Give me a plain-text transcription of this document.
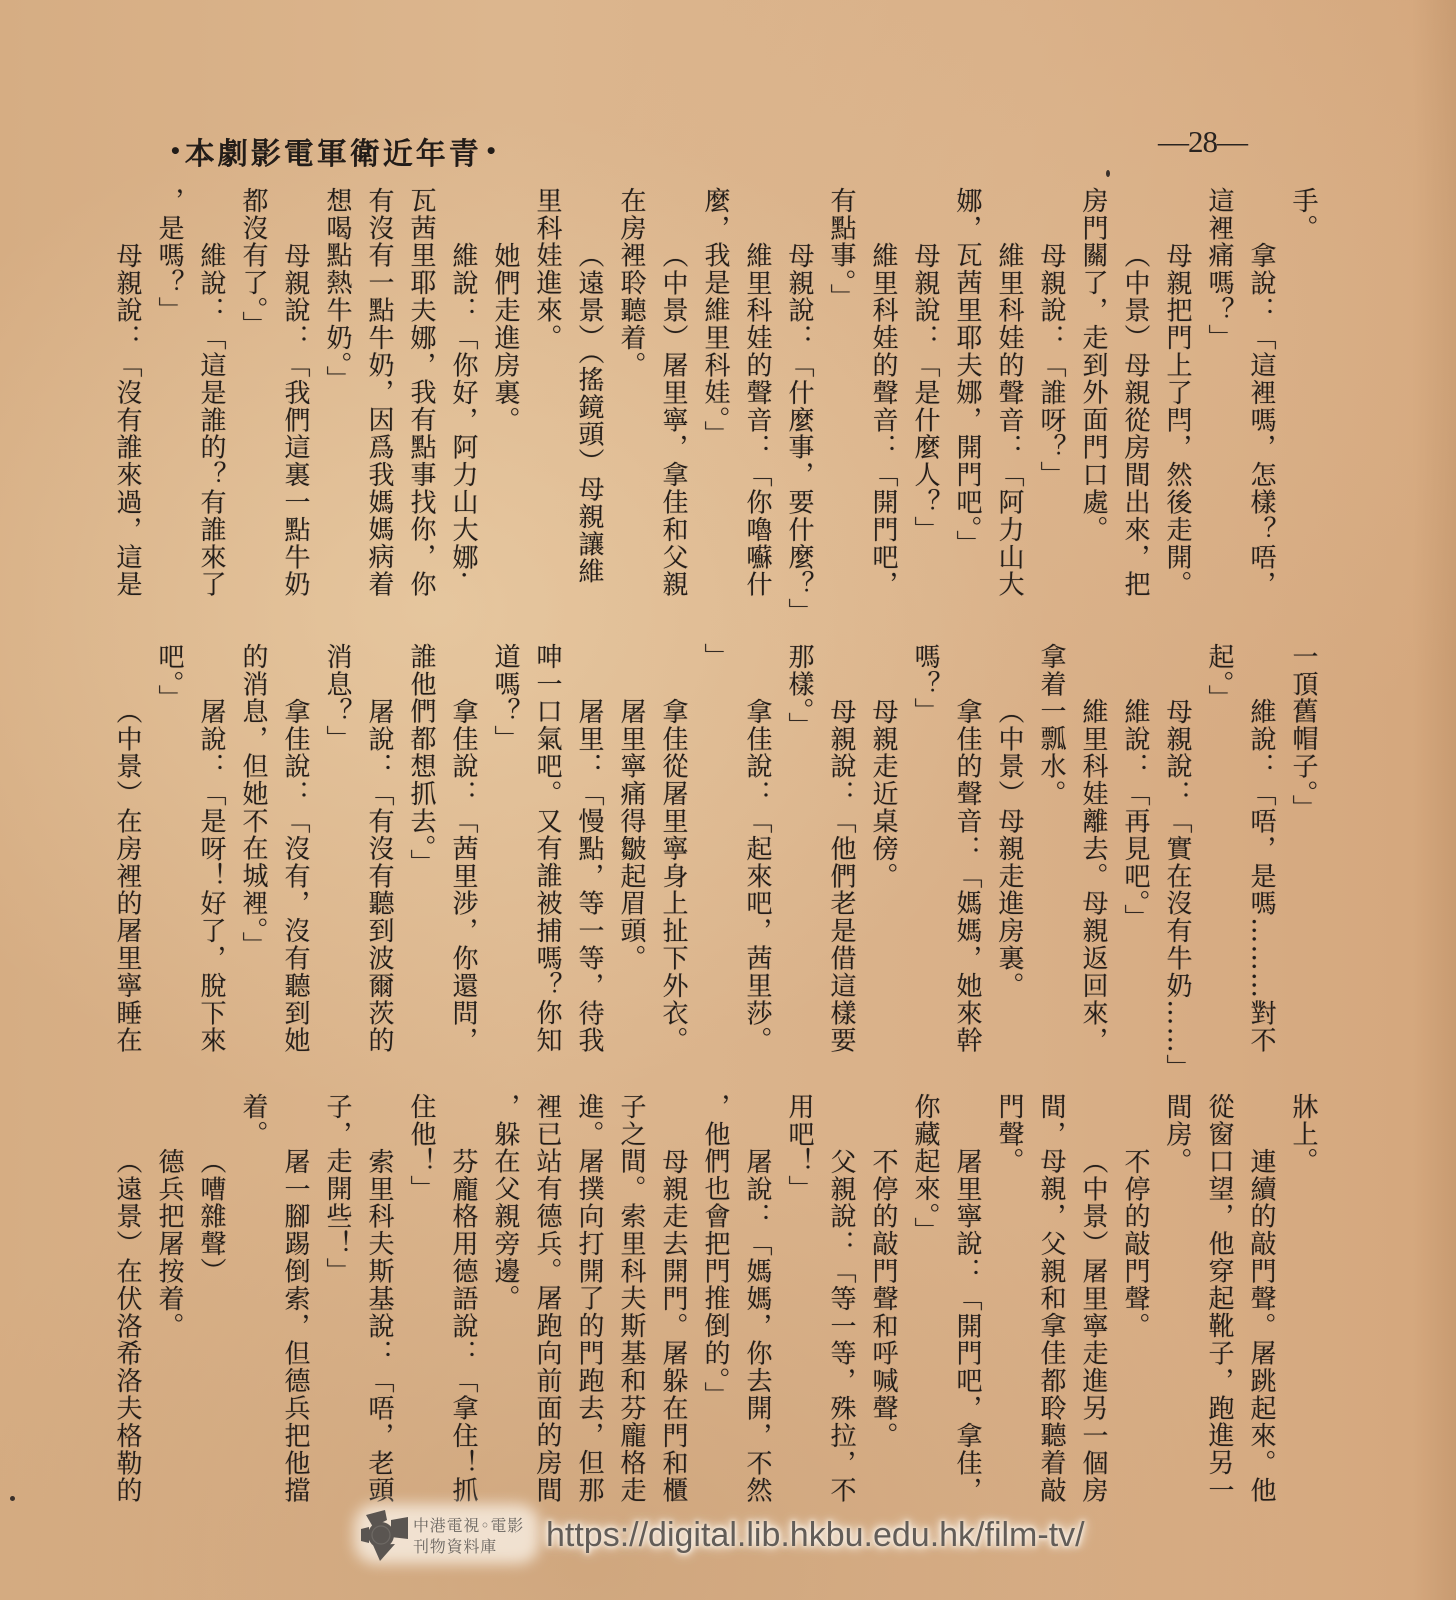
• 青年近衛軍電影劇本 •	—28—
手。
拿說：「這裡嗎，怎樣？唔，
這裡痛嗎？」
母親把門上了閂，然後走開。
（中景）母親從房間出來，把
房門關了，走到外面門口處。
母親說：「誰呀？」
維里科娃的聲音：「阿力山大
娜，瓦茜里耶夫娜，開門吧。」
母親說：「是什麼人？」
維里科娃的聲音：「開門吧，
有點事。」
母親說：「什麼事，要什麼？」
維里科娃的聲音：「你嚕囌什
麼，我是維里科娃。」
（中景）屠里寧，拿佳和父親
在房裡聆聽着。
（遠景）（搖鏡頭）母親讓維
里科娃進來。
她們走進房裏。
維說：「你好，阿力山大娜·
瓦茜里耶夫娜，我有點事找你，你
有沒有一點牛奶，因爲我媽媽病着
想喝點熱牛奶。」
母親說：「我們這裏一點牛奶
都沒有了。」
維說：「這是誰的？有誰來了
，是嗎？」
母親說：「沒有誰來過，這是
一頂舊帽子。」
維說：「唔，是嗎………對不
起。」
母親說：「實在沒有牛奶……」
維說：「再見吧。」
維里科娃離去。母親返回來，
拿着一瓢水。
（中景）母親走進房裏。
拿佳的聲音：「媽媽，她來幹
嗎？」
母親走近桌傍。
母親說：「他們老是借這樣要
那樣。」
拿佳說：「起來吧，茜里莎。
」
拿佳從屠里寧身上扯下外衣。
屠里寧痛得皺起眉頭。
屠里：「慢點，等一等，待我
呻一口氣吧。又有誰被捕嗎？你知
道嗎？」
拿佳說：「茜里涉，你還問，
誰他們都想抓去。」
屠說：「有沒有聽到波爾茨的
消息？」
拿佳說：「沒有，沒有聽到她
的消息，但她不在城裡。」
屠說：「是呀！好了，脫下來
吧。」
（中景）在房裡的屠里寧睡在
牀上。
連續的敲門聲。屠跳起來。他
從窗口望，他穿起靴子，跑進另一
間房。
不停的敲門聲。
（中景）屠里寧走進另一個房
間，母親，父親和拿佳都聆聽着敲
門聲。
屠里寧說：「開門吧，拿佳，
你藏起來。」
不停的敲門聲和呼喊聲。
父親說：「等一等，殊拉，不
用吧！」
屠說：「媽媽，你去開，不然
，他們也會把門推倒的。」
母親走去開門。屠躲在門和櫃
子之間。索里科夫斯基和芬龐格走
進。屠撲向打開了的門跑去，但那
裡已站有德兵。屠跑向前面的房間
，躲在父親旁邊。
芬龐格用德語說：「拿住！抓
住他！」
索里科夫斯基說：「唔，老頭
子，走開些！」
屠一腳踢倒索，但德兵把他擋
着。
（嘈雜聲）
德兵把屠按着。
（遠景）在伏洛希洛夫格勒的
中港電視◦電影
刊物資料庫 https://digital.lib.hkbu.edu.hk/film-tv/
